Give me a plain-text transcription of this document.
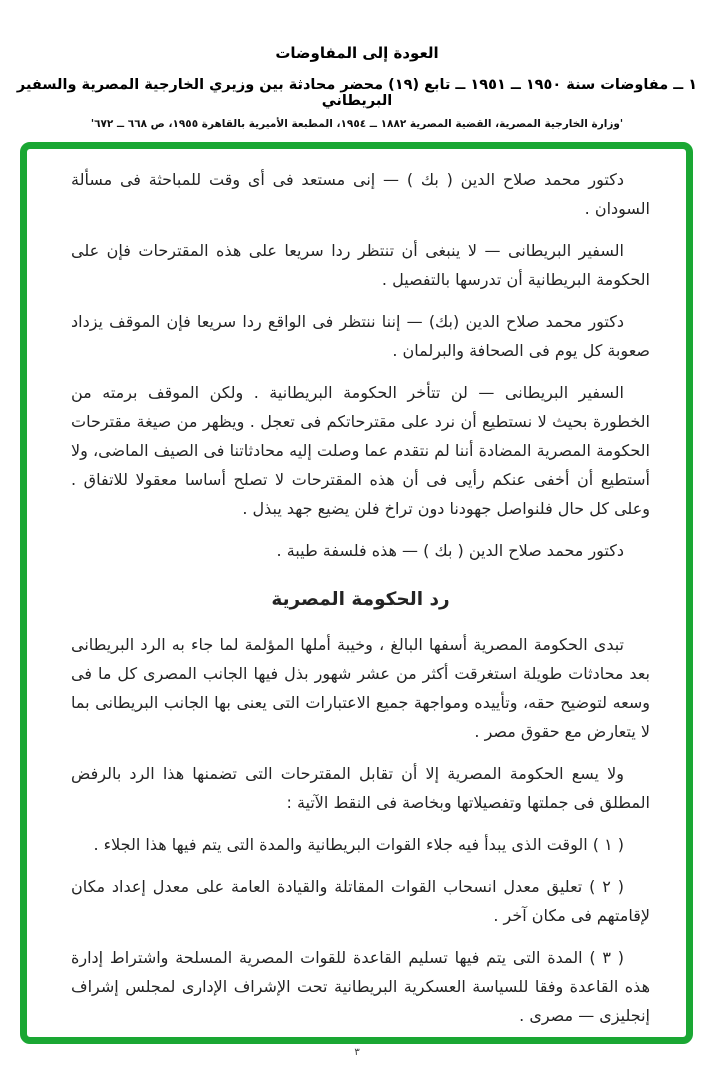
العودة إلى المفاوضات
١ ــ مفاوضات سنة ١٩٥٠ ــ ١٩٥١ ــ تابع (١٩) محضر محادثة بين وزيري الخارجية المصرية والسفير البريطاني
'وزارة الخارجية المصرية، القضية المصرية ١٨٨٢ ــ ١٩٥٤، المطبعة الأميرية بالقاهرة ١٩٥٥، ص ٦٦٨ ــ ٦٧٢'

دكتور محمد صلاح الدين ( بك ) — إنى مستعد فى أى وقت للمباحثة فى مسألة السودان .

السفير البريطانى — لا ينبغى أن تنتظر ردا سريعا على هذه المقترحات فإن على الحكومة البريطانية أن تدرسها بالتفصيل .

دكتور محمد صلاح الدين (بك) — إننا ننتظر فى الواقع ردا سريعا فإن الموقف يزداد صعوبة كل يوم فى الصحافة والبرلمان .

السفير البريطانى — لن تتأخر الحكومة البريطانية . ولكن الموقف برمته من الخطورة بحيث لا نستطيع أن نرد على مقترحاتكم فى تعجل . ويظهر من صيغة مقترحات الحكومة المصرية المضادة أننا لم نتقدم عما وصلت إليه محادثاتنا فى الصيف الماضى، ولا أستطيع أن أخفى عنكم رأيى فى أن هذه المقترحات لا تصلح أساسا معقولا للاتفاق . وعلى كل حال فلنواصل جهودنا دون تراخ فلن يضيع جهد يبذل .

دكتور محمد صلاح الدين ( بك ) — هذه فلسفة طيبة .

رد الحكومة المصرية

تبدى الحكومة المصرية أسفها البالغ ، وخيبة أملها المؤلمة لما جاء به الرد البريطانى بعد محادثات طويلة استغرقت أكثر من عشر شهور بذل فيها الجانب المصرى كل ما فى وسعه لتوضيح حقه، وتأييده ومواجهة جميع الاعتبارات التى يعنى بها الجانب البريطانى بما لا يتعارض مع حقوق مصر .

ولا يسع الحكومة المصرية إلا أن تقابل المقترحات التى تضمنها هذا الرد بالرفض المطلق فى جملتها وتفصيلاتها وبخاصة فى النقط الآتية :

( ١ ) الوقت الذى يبدأ فيه جلاء القوات البريطانية والمدة التى يتم فيها هذا الجلاء .

( ٢ ) تعليق معدل انسحاب القوات المقاتلة والقيادة العامة على معدل إعداد مكان لإقامتهم فى مكان آخر .

( ٣ ) المدة التى يتم فيها تسليم القاعدة للقوات المصرية المسلحة واشتراط إدارة هذه القاعدة وفقا للسياسة العسكرية البريطانية تحت الإشراف الإدارى لمجلس إشراف إنجليزى — مصرى .

٣
